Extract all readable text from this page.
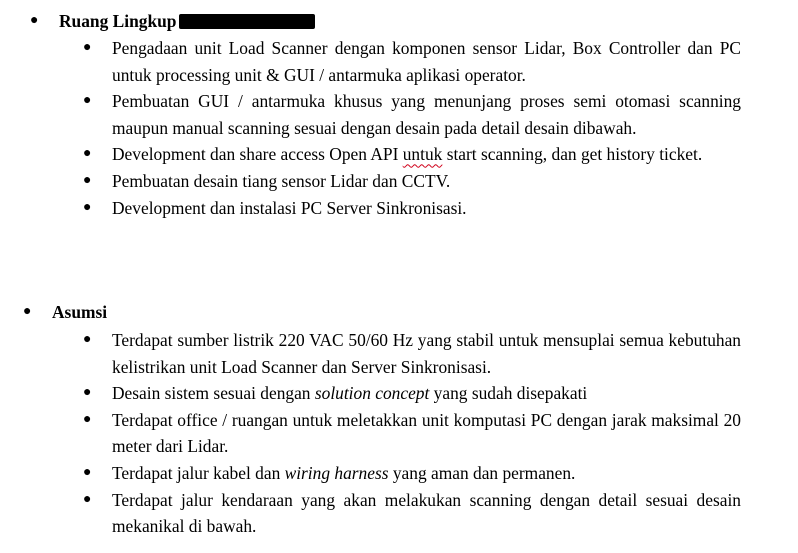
● Ruang Lingkup
● Pengadaan unit Load Scanner dengan komponen sensor Lidar, Box Controller dan PC untuk processing unit & GUI / antarmuka aplikasi operator.
● Pembuatan GUI / antarmuka khusus yang menunjang proses semi otomasi scanning maupun manual scanning sesuai dengan desain pada detail desain dibawah.
● Development dan share access Open API untuk start scanning, dan get history ticket.
● Pembuatan desain tiang sensor Lidar dan CCTV.
● Development dan instalasi PC Server Sinkronisasi.
● Asumsi
● Terdapat sumber listrik 220 VAC 50/60 Hz yang stabil untuk mensuplai semua kebutuhan kelistrikan unit Load Scanner dan Server Sinkronisasi.
● Desain sistem sesuai dengan solution concept yang sudah disepakati
● Terdapat office / ruangan untuk meletakkan unit komputasi PC dengan jarak maksimal 20 meter dari Lidar.
● Terdapat jalur kabel dan wiring harness yang aman dan permanen.
● Terdapat jalur kendaraan yang akan melakukan scanning dengan detail sesuai desain mekanikal di bawah.
